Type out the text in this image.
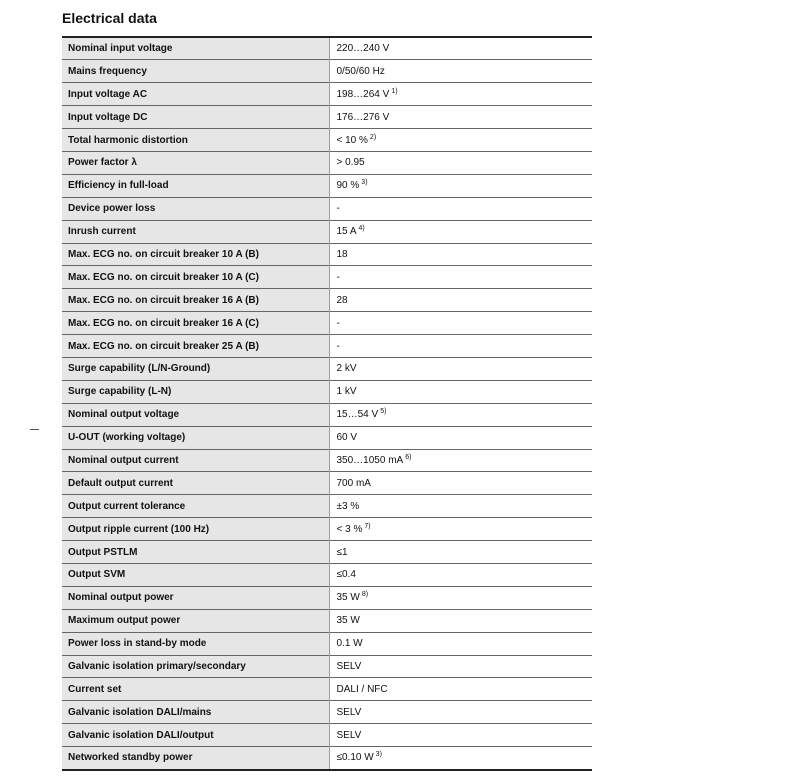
Electrical data
Nominal input voltage	220…240 V
Mains frequency	0/50/60 Hz
Input voltage AC	198…264 V $^{1)}$
Input voltage DC	176…276 V
Total harmonic distortion	< 10 % $^{2)}$
Power factor λ	> 0.95
Efficiency in full-load	90 % $^{3)}$
Device power loss	-
Inrush current	15 A $^{4)}$
Max. ECG no. on circuit breaker 10 A (B)	18
Max. ECG no. on circuit breaker 10 A (C)	-
Max. ECG no. on circuit breaker 16 A (B)	28
Max. ECG no. on circuit breaker 16 A (C)	-
Max. ECG no. on circuit breaker 25 A (B)	-
Surge capability (L/N-Ground)	2 kV
Surge capability (L-N)	1 kV
Nominal output voltage	15…54 V $^{5)}$
U-OUT (working voltage)	60 V
Nominal output current	350…1050 mA $^{6)}$
Default output current	700 mA
Output current tolerance	±3 %
Output ripple current (100 Hz)	< 3 % $^{7)}$
Output PSTLM	≤1
Output SVM	≤0.4
Nominal output power	35 W $^{8)}$
Maximum output power	35 W
Power loss in stand-by mode	0.1 W
Galvanic isolation primary/secondary	SELV
Current set	DALI / NFC
Galvanic isolation DALI/mains	SELV
Galvanic isolation DALI/output	SELV
Networked standby power	≤0.10 W $^{3)}$
